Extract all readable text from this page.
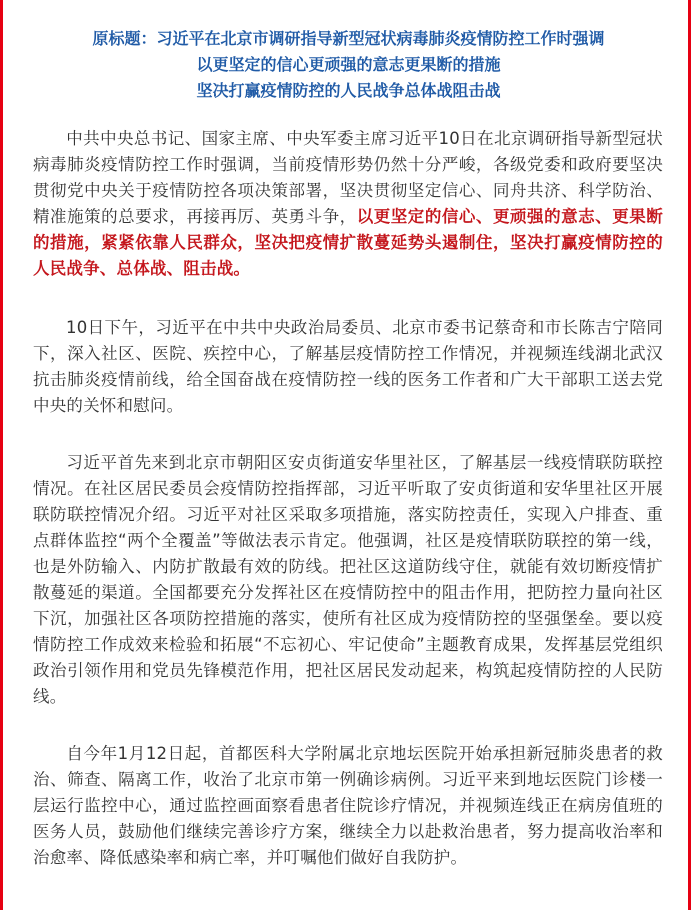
原标题：习近平在北京市调研指导新型冠状病毒肺炎疫情防控工作时强调
以更坚定的信心更顽强的意志更果断的措施
坚决打赢疫情防控的人民战争总体战阻击战

中共中央总书记、国家主席、中央军委主席习近平10日在北京调研指导新型冠状病毒肺炎疫情防控工作时强调，当前疫情形势仍然十分严峻，各级党委和政府要坚决贯彻党中央关于疫情防控各项决策部署，坚决贯彻坚定信心、同舟共济、科学防治、精准施策的总要求，再接再厉、英勇斗争，以更坚定的信心、更顽强的意志、更果断的措施，紧紧依靠人民群众，坚决把疫情扩散蔓延势头遏制住，坚决打赢疫情防控的人民战争、总体战、阻击战。

10日下午，习近平在中共中央政治局委员、北京市委书记蔡奇和市长陈吉宁陪同下，深入社区、医院、疾控中心，了解基层疫情防控工作情况，并视频连线湖北武汉抗击肺炎疫情前线，给全国奋战在疫情防控一线的医务工作者和广大干部职工送去党中央的关怀和慰问。

习近平首先来到北京市朝阳区安贞街道安华里社区，了解基层一线疫情联防联控情况。在社区居民委员会疫情防控指挥部，习近平听取了安贞街道和安华里社区开展联防联控情况介绍。习近平对社区采取多项措施，落实防控责任，实现入户排查、重点群体监控“两个全覆盖”等做法表示肯定。他强调，社区是疫情联防联控的第一线，也是外防输入、内防扩散最有效的防线。把社区这道防线守住，就能有效切断疫情扩散蔓延的渠道。全国都要充分发挥社区在疫情防控中的阻击作用，把防控力量向社区下沉，加强社区各项防控措施的落实，使所有社区成为疫情防控的坚强堡垒。要以疫情防控工作成效来检验和拓展“不忘初心、牢记使命”主题教育成果，发挥基层党组织政治引领作用和党员先锋模范作用，把社区居民发动起来，构筑起疫情防控的人民防线。

自今年1月12日起，首都医科大学附属北京地坛医院开始承担新冠肺炎患者的救治、筛查、隔离工作，收治了北京市第一例确诊病例。习近平来到地坛医院门诊楼一层运行监控中心，通过监控画面察看患者住院诊疗情况，并视频连线正在病房值班的医务人员，鼓励他们继续完善诊疗方案，继续全力以赴救治患者，努力提高收治率和治愈率、降低感染率和病亡率，并叮嘱他们做好自我防护。
